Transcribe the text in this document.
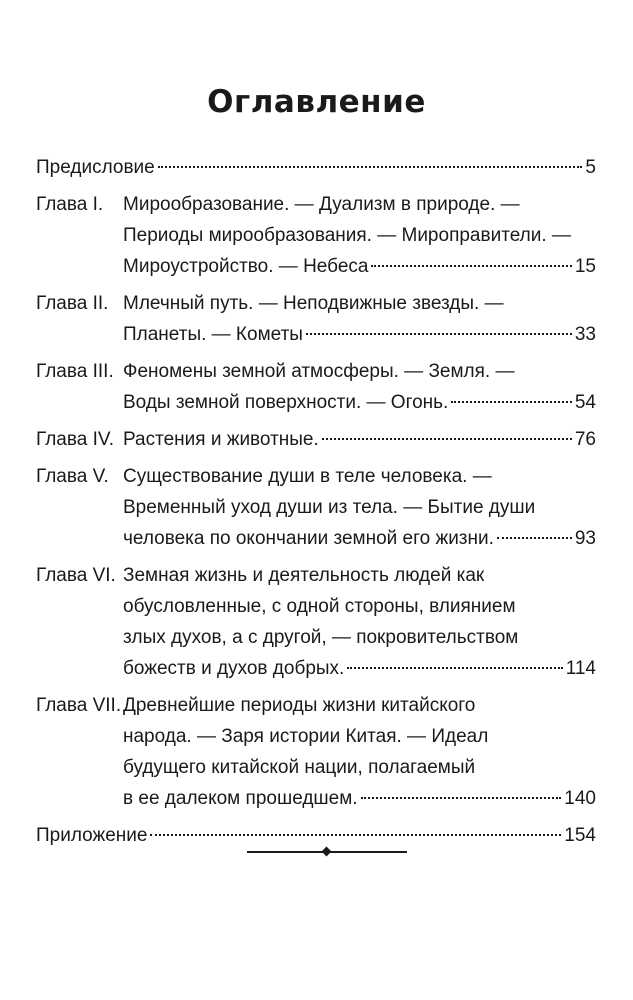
Оглавление
Предисловие	5
Глава I.	Мирообразование. — Дуализм в природе. —
Периоды мирообразования. — Мироправители. —
Мироустройство. — Небеса	15
Глава II. Млечный путь. — Неподвижные звезды. —
Планеты. — Кометы	33
Глава III. Феномены земной атмосферы. — Земля. —
Воды земной поверхности. — Огонь.	54
Глава IV. Растения и животные.	76
Глава V. Существование души в теле человека. —
Временный уход души из тела. — Бытие души
человека по окончании земной его жизни.	93
Глава VI. Земная жизнь и деятельность людей как
обусловленные, с одной стороны, влиянием
злых духов, а с другой, — покровительством
божеств и духов добрых.	114
Глава VII. Древнейшие периоды жизни китайского
народа. — Заря истории Китая. — Идеал
будущего китайской нации, полагаемый
в ее далеком прошедшем.	140
Приложение	154
